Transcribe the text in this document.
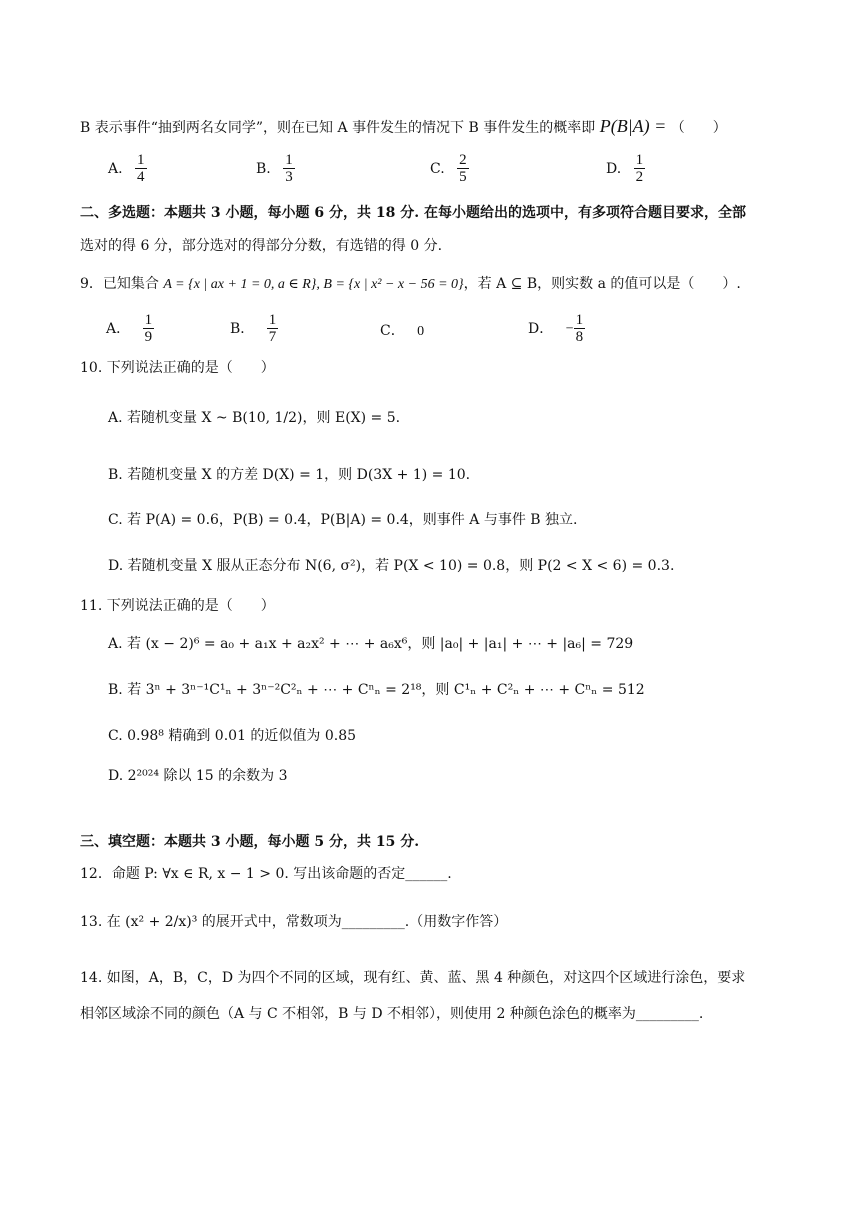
B 表示事件“抽到两名女同学”，则在已知 A 事件发生的情况下 B 事件发生的概率即 P(B|A) = （　　）
A. $\frac{1}{4}$	B. $\frac{1}{3}$	C. $\frac{2}{5}$	D. $\frac{1}{2}$
二、多选题：本题共 3 小题，每小题 6 分，共 18 分. 在每小题给出的选项中，有多项符合题目要求，全部
选对的得 6 分，部分选对的得部分分数，有选错的得 0 分.
9．已知集合 A = {x | ax + 1 = 0, a ∈ R}, B = {x | x² − x − 56 = 0}，若 A ⊆ B，则实数 a 的值可以是（　　）.
A． $\frac{1}{9}$	B． $\frac{1}{7}$	C． 0	D． − $\frac{1}{8}$
10. 下列说法正确的是（　　）
A. 若随机变量 X ~ B(10, 1/2)，则 E(X) = 5.
B. 若随机变量 X 的方差 D(X) = 1，则 D(3X + 1) = 10.
C. 若 P(A) = 0.6，P(B) = 0.4，P(B|A) = 0.4，则事件 A 与事件 B 独立.
D. 若随机变量 X 服从正态分布 N(6, σ²)，若 P(X < 10) = 0.8，则 P(2 < X < 6) = 0.3.
11. 下列说法正确的是（　　）
A. 若 (x − 2)⁶ = a₀ + a₁x + a₂x² + ⋯ + a₆x⁶，则 |a₀| + |a₁| + ⋯ + |a₆| = 729
B. 若 3ⁿ + 3ⁿ⁻¹C¹ₙ + 3ⁿ⁻²C²ₙ + ⋯ + Cⁿₙ = 2¹⁸，则 C¹ₙ + C²ₙ + ⋯ + Cⁿₙ = 512
C. 0.98⁸ 精确到 0.01 的近似值为 0.85
D. 2²⁰²⁴ 除以 15 的余数为 3
三、填空题：本题共 3 小题，每小题 5 分，共 15 分.
12．命题 P: ∀x ∈ R, x − 1 > 0. 写出该命题的否定______.
13. 在 (x² + 2/x)³ 的展开式中，常数项为_________.（用数字作答）
14. 如图，A，B，C，D 为四个不同的区域，现有红、黄、蓝、黑 4 种颜色，对这四个区域进行涂色，要求
相邻区域涂不同的颜色（A 与 C 不相邻，B 与 D 不相邻），则使用 2 种颜色涂色的概率为_________.
